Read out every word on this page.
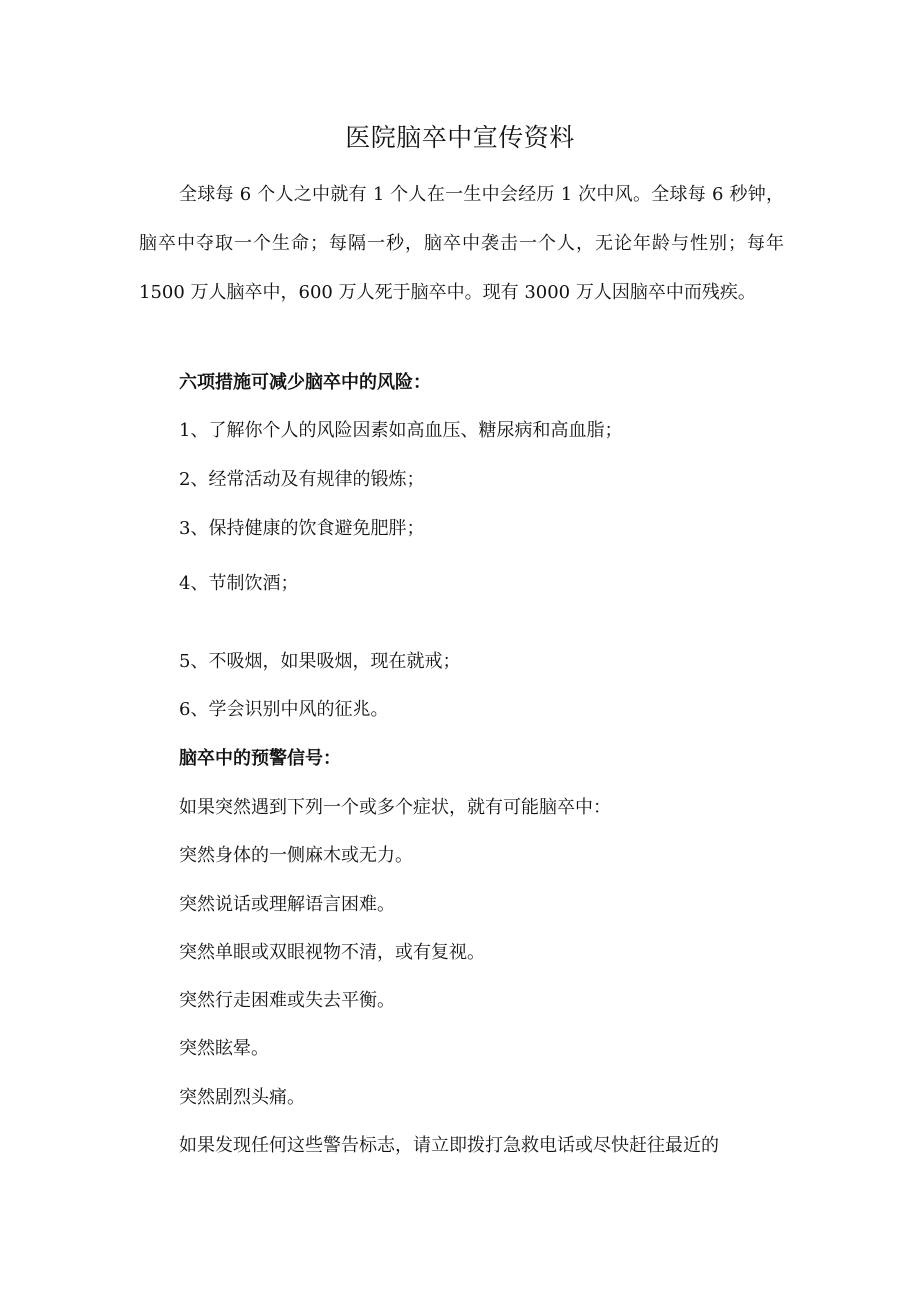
医院脑卒中宣传资料
全球每 6 个人之中就有 1 个人在一生中会经历 1 次中风。全球每 6 秒钟，脑卒中夺取一个生命；每隔一秒，脑卒中袭击一个人，无论年龄与性别；每年 1500 万人脑卒中，600 万人死于脑卒中。现有 3000 万人因脑卒中而残疾。
六项措施可减少脑卒中的风险：
1、了解你个人的风险因素如高血压、糖尿病和高血脂；
2、经常活动及有规律的锻炼；
3、保持健康的饮食避免肥胖；
4、节制饮酒；
5、不吸烟，如果吸烟，现在就戒；
6、学会识别中风的征兆。
脑卒中的预警信号：
如果突然遇到下列一个或多个症状，就有可能脑卒中：
突然身体的一侧麻木或无力。
突然说话或理解语言困难。
突然单眼或双眼视物不清，或有复视。
突然行走困难或失去平衡。
突然眩晕。
突然剧烈头痛。
如果发现任何这些警告标志，请立即拨打急救电话或尽快赶往最近的
